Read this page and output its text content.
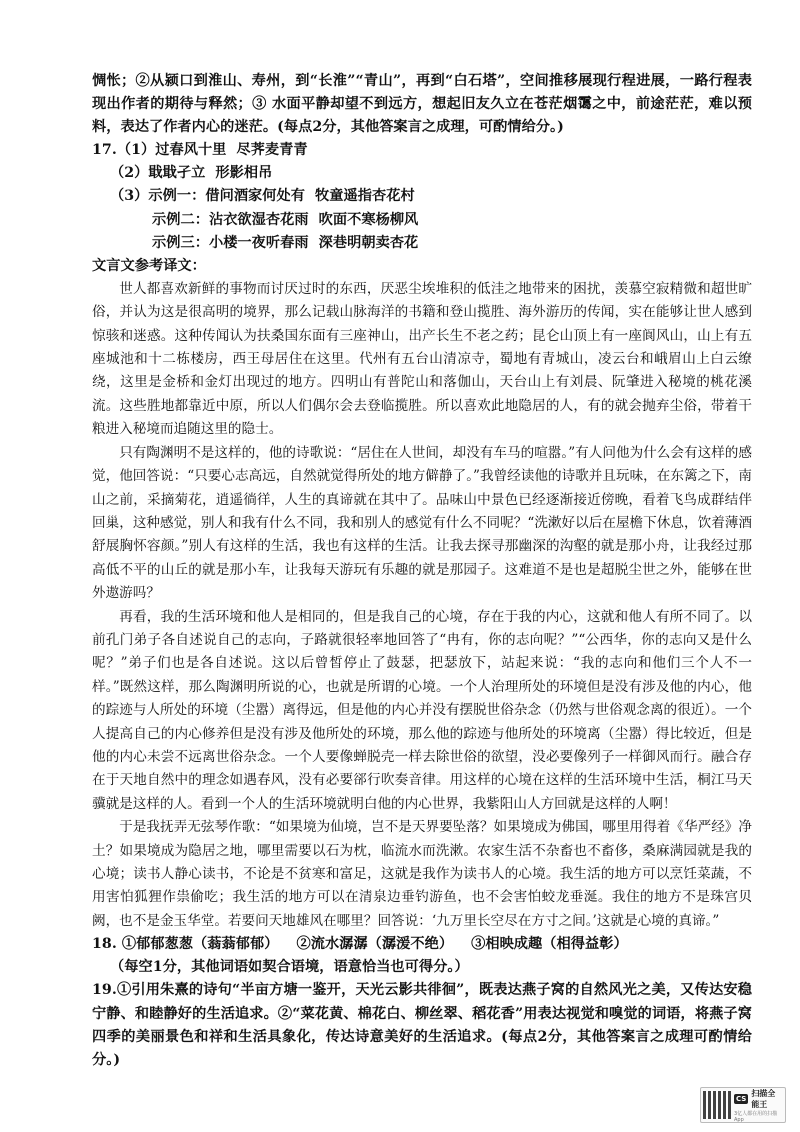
惆怅；②从颍口到淮山、寿州，到“长淮”“青山”，再到“白石塔”，空间推移展现行程进展，一路行程表现出作者的期待与释然；③ 水面平静却望不到远方，想起旧友久立在苍茫烟霭之中，前途茫茫，难以预料，表达了作者内心的迷茫。(每点2分，其他答案言之成理，可酌情给分。)

17.（1）过春风十里 尽荠麦青青

（2）戢戢孑立 形影相吊

（3）示例一：借问酒家何处有 牧童遥指杏花村

示例二：沾衣欲湿杏花雨 吹面不寒杨柳风

示例三：小楼一夜听春雨 深巷明朝卖杏花

文言文参考译文：

世人都喜欢新鲜的事物而讨厌过时的东西，厌恶尘埃堆积的低洼之地带来的困扰，羡慕空寂精微和超世旷俗，并认为这是很高明的境界，那么记载山脉海洋的书籍和登山揽胜、海外游历的传闻，实在能够让世人感到惊骇和迷惑。这种传闻认为扶桑国东面有三座神山，出产长生不老之药；昆仑山顶上有一座阆风山，山上有五座城池和十二栋楼房，西王母居住在这里。代州有五台山清凉寺，蜀地有青城山，凌云台和峨眉山上白云缭绕，这里是金桥和金灯出现过的地方。四明山有普陀山和落伽山，天台山上有刘晨、阮肇进入秘境的桃花溪流。这些胜地都靠近中原，所以人们偶尔会去登临揽胜。所以喜欢此地隐居的人，有的就会抛弃尘俗，带着干粮进入秘境而追随这里的隐士。

只有陶渊明不是这样的，他的诗歌说：“居住在人世间，却没有车马的喧嚣。”有人问他为什么会有这样的感觉，他回答说：“只要心志高远，自然就觉得所处的地方僻静了。”我曾经读他的诗歌并且玩味，在东篱之下，南山之前，采摘菊花，逍遥徜徉，人生的真谛就在其中了。品味山中景色已经逐渐接近傍晚，看着飞鸟成群结伴回巢，这种感觉，别人和我有什么不同，我和别人的感觉有什么不同呢？“洗漱好以后在屋檐下休息，饮着薄酒舒展胸怀容颜。”别人有这样的生活，我也有这样的生活。让我去探寻那幽深的沟壑的就是那小舟，让我经过那高低不平的山丘的就是那小车，让我每天游玩有乐趣的就是那园子。这难道不是也是超脱尘世之外，能够在世外遨游吗？

再看，我的生活环境和他人是相同的，但是我自己的心境，存在于我的内心，这就和他人有所不同了。以前孔门弟子各自述说自己的志向，子路就很轻率地回答了“冉有，你的志向呢？”“公西华，你的志向又是什么呢？”弟子们也是各自述说。这以后曾皙停止了鼓瑟，把瑟放下，站起来说：“我的志向和他们三个人不一样。”既然这样，那么陶渊明所说的心，也就是所谓的心境。一个人治理所处的环境但是没有涉及他的内心，他的踪迹与人所处的环境（尘嚣）离得远，但是他的内心并没有摆脱世俗杂念（仍然与世俗观念离的很近）。一个人提高自己的内心修养但是没有涉及他所处的环境，那么他的踪迹与他所处的环境离（尘嚣）得比较近，但是他的内心未尝不远离世俗杂念。一个人要像蝉脱壳一样去除世俗的欲望，没必要像列子一样御风而行。融合存在于天地自然中的理念如遇春风，没有必要郤行吹奏音律。用这样的心境在这样的生活环境中生活，桐江马天骥就是这样的人。看到一个人的生活环境就明白他的内心世界，我紫阳山人方回就是这样的人啊！

于是我抚弄无弦琴作歌：“如果境为仙境，岂不是天界要坠落？如果境成为佛国，哪里用得着《华严经》净土？如果境成为隐居之地，哪里需要以石为枕，临流水而洗漱。农家生活不杂畜也不畜侈，桑麻满园就是我的心境；读书人静心读书，不论是不贫寒和富足，这就是我作为读书人的心境。我生活的地方可以烹饪菜蔬，不用害怕狐狸作祟偷吃；我生活的地方可以在清泉边垂钓游鱼，也不会害怕蛟龙垂涎。我住的地方不是珠宫贝阙，也不是金玉华堂。若要问天地雄风在哪里？回答说：‘九万里长空尽在方寸之间。’这就是心境的真谛。”

18. ①郁郁葱葱（蓊蓊郁郁） ②流水潺潺（潺湲不绝） ③相映成趣（相得益彰）

（每空1分，其他词语如契合语境，语意恰当也可得分。）

19.①引用朱熹的诗句“半亩方塘一鉴开，天光云影共徘徊”，既表达燕子窝的自然风光之美，又传达安稳宁静、和睦静好的生活追求。②“菜花黄、棉花白、柳丝翠、稻花香”用表达视觉和嗅觉的词语，将燕子窝四季的美丽景色和祥和生活具象化，传达诗意美好的生活追求。(每点2分，其他答案言之成理可酌情给分。)

CS
扫描全能王
3亿人都在用的扫描App
